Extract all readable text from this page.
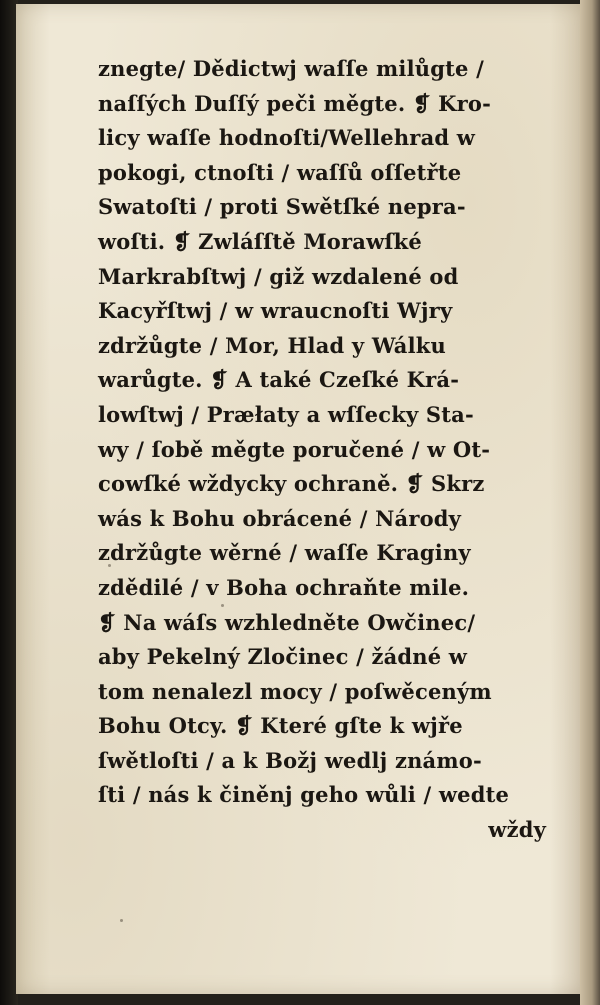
znegte/ Dědictwj waſſe milůgte /
naſſých Duſſý peči měgte. ❡ Kro-
licy waſſe hodnoſti/Wellehrad w
pokogi, ctnoſti / waſſů oſſetřte
Swatoſti / proti Swětſké nepra-
woſti. ❡ Zwláſſtě Morawſké
Markrabſtwj / giž wzdalené od
Kacyřſtwj / w wraucnoſti Wjry
zdržůgte / Mor, Hlad y Wálku
warůgte. ❡ A také Czeſké Krá-
lowſtwj / Præłaty a wſſecky Sta-
wy / ſobě měgte poručené / w Ot-
cowſké wždycky ochraně. ❡ Skrz
wás k Bohu obrácené / Národy
zdržůgte wěrné / waſſe Kraginy
zdědilé / v Boha ochraňte mile.
❡ Na wáſs wzhledněte Owčinec/
aby Pekelný Zločinec / žádné w
tom nenalezl mocy / poſwěceným
Bohu Otcy. ❡ Které gſte k wjře
ſwětloſti / a k Božj wedlj známo-
ſti / nás k činěnj geho wůli / wedte
wždy
